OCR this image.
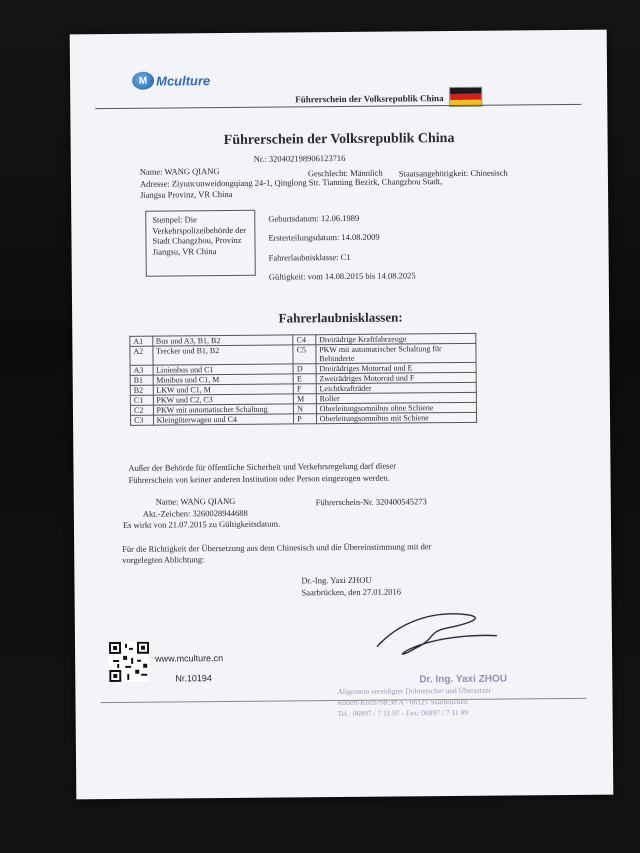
M Mculture
Führerschein der Volksrepublik China
Führerschein der Volksrepublik China
Nr.: 320402198906123716
Name: WANG QIANG	Geschlecht: Männlich Staatsangehörigkeit: Chinesisch
Adresse: Ziyuncunweidongqiang 24-1, Qinglong Str. Tianning Bezirk, Changzhou Stadt,
Jiangsu Provinz, VR China
Stempel: Die Verkehrspolizeibehörde der Stadt Changzhou, Provinz Jiangsu, VR China
Geburtsdatum: 12.06.1989
Ersterteilungsdatum: 14.08.2009
Fahrerlaubnisklasse: C1
Gültigkeit: vom 14.08.2015 bis 14.08.2025
Fahrerlaubnisklassen:
A1	Bus und A3, B1, B2	C4	Dreirädrige Kraftfahrzeuge
A2	Trecker und B1, B2	C5	PKW mit automatischer Schaltung für Behinderte
A3	Linienbus und C1	D	Dreirädriges Motorrad und E
B1	Minibus und C1, M	E	Zweirädriges Motorrad und F
B2	LKW und C1, M	F	Leichtkrafträder
C1	PKW und C2, C3	M	Roller
C2	PKW mit automatischer Schaltung	N	Oberleitungsomnibus ohne Schiene
C3	Kleingüterwagen und C4	P	Oberleitungsomnibus mit Schiene
Außer der Behörde für öffentliche Sicherheit und Verkehrsregelung darf dieser
Führerschein von keiner anderen Institution oder Person eingezogen werden.
Name: WANG QIANG	Führerschein-Nr. 320400545273
Akt.-Zeichen: 3260028944688
Es wirkt von 21.07.2015 zu Gültigkeitsdatum.
Für die Richtigkeit der Übersetzung aus dem Chinesisch und die Übereinstimmung mit der
vorgelegten Ablichtung:
Dr.-Ing. Yaxi ZHOU
Saarbrücken, den 27.01.2016
www.mculture.cn
Nr.10194	Dr. Ing. Yaxi ZHOU
Allgemein vereidigter Dolmetscher und Übersetzer
Robert-Koch-Str.38 A - 66125 Saarbrücken
Tel.: 06897 / 7 11 97 - Fax: 06897 / 7 11 99
